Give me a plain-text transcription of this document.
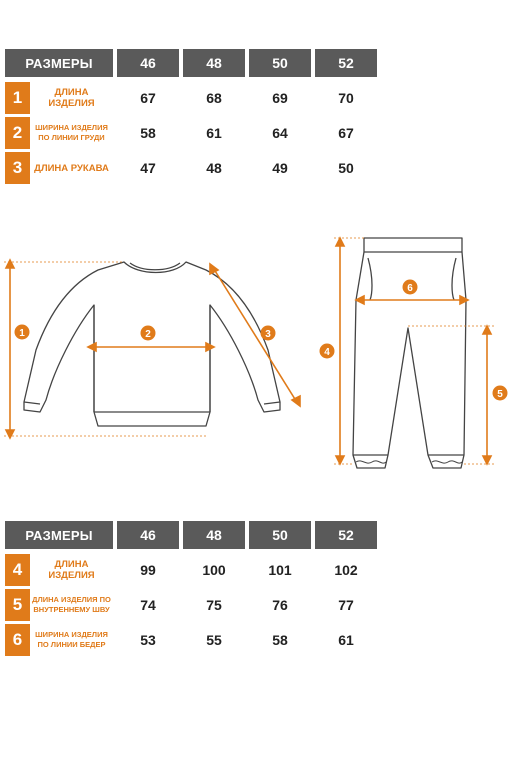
РАЗМЕРЫ	46	48	50	52
1	ДЛИНА ИЗДЕЛИЯ	67	68	69	70
2	ШИРИНА ИЗДЕЛИЯ ПО ЛИНИИ ГРУДИ	58	61	64	67
3	ДЛИНА РУКАВА	47	48	49	50
1	2	3
4
5
6
РАЗМЕРЫ	46	48	50	52
4	ДЛИНА ИЗДЕЛИЯ	99	100	101	102
5	ДЛИНА ИЗДЕЛИЯ ПО ВНУТРЕННЕМУ ШВУ	74	75	76	77
6	ШИРИНА ИЗДЕЛИЯ ПО ЛИНИИ БЕДЕР	53	55	58	61
